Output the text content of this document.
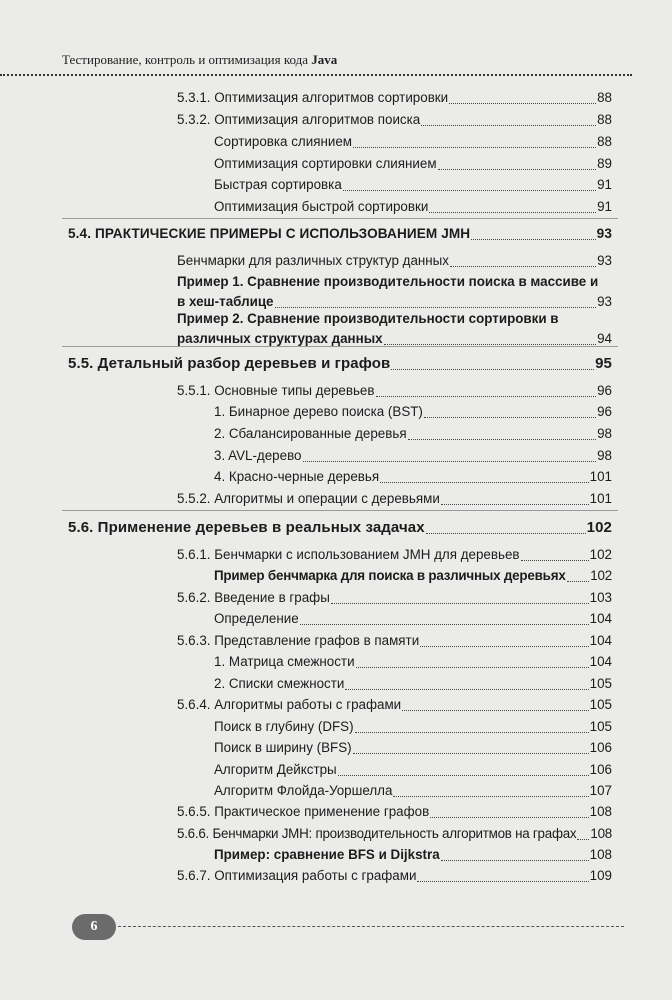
Тестирование, контроль и оптимизация кода Java
5.3.1. Оптимизация алгоритмов сортировки	88
5.3.2. Оптимизация алгоритмов поиска	88
Сортировка слиянием	88
Оптимизация сортировки слиянием	89
Быстрая сортировка	91
Оптимизация быстрой сортировки	91
5.4. ПРАКТИЧЕСКИЕ ПРИМЕРЫ С ИСПОЛЬЗОВАНИЕМ JMH	93
Бенчмарки для различных структур данных	93
Пример 1. Сравнение производительности поиска в массиве и
в хеш-таблице	93
Пример 2. Сравнение производительности сортировки в
различных структурах данных	94
5.5. Детальный разбор деревьев и графов	95
5.5.1. Основные типы деревьев	96
1. Бинарное дерево поиска (BST)	96
2. Сбалансированные деревья	98
3. AVL-дерево	98
4. Красно-черные деревья	101
5.5.2. Алгоритмы и операции с деревьями	101
5.6. Применение деревьев в реальных задачах	102
5.6.1. Бенчмарки с использованием JMH для деревьев	102
Пример бенчмарка для поиска в различных деревьях 102
5.6.2. Введение в графы	103
Определение	104
5.6.3. Представление графов в памяти	104
1. Матрица смежности	104
2. Списки смежности	105
5.6.4. Алгоритмы работы с графами	105
Поиск в глубину (DFS)	105
Поиск в ширину (BFS)	106
Алгоритм Дейкстры	106
Алгоритм Флойда-Уоршелла	107
5.6.5. Практическое применение графов	108
5.6.6. Бенчмарки JMH: производительность алгоритмов на графах 108
Пример: сравнение BFS и Dijkstra	108
5.6.7. Оптимизация работы с графами	109
6
